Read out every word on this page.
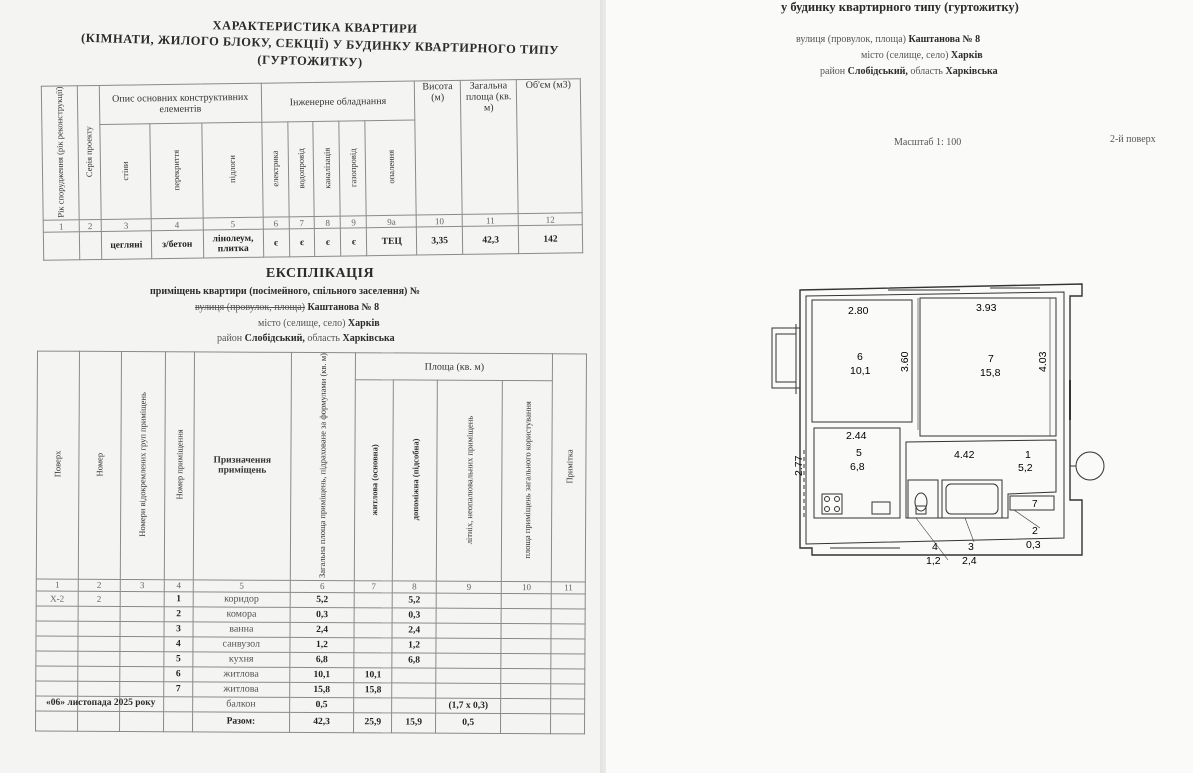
ХАРАКТЕРИСТИКА КВАРТИРИ
(КІМНАТИ, ЖИЛОГО БЛОКУ, СЕКЦІЇ) У БУДИНКУ КВАРТИРНОГО ТИПУ
(ГУРТОЖИТКУ)
Рік спорудження (рік реконструкції)	Серія проекту	Опис основних конструктивних елементів			Інженерне обладнання					Висота (м)	Загальна площа (кв. м)	Об'єм (м3)
		стіни	перекриття	підлоги	електрика	водопровід	каналізація	газопровід	опалення			
1	2	3	4	5	6	7	8	9	9а	10	11	12
		цегляні	з/бетон	лінолеум, плитка	є	є	є	є	ТЕЦ	3,35	42,3	142
ЕКСПЛІКАЦІЯ
приміщень квартири (посімейного, спільного заселення) №
вулиця (провулок, площа) Каштанова № 8
місто (селище, село) Харків
район Слобідський, область Харківська
Поверх	Номер	Номери відокремлених груп приміщень	Номер приміщення	Призначення приміщень	Загальна площа приміщень, підраховане за формулами (кв. м)	Площа (кв. м)				Примітка
						житлова (основна)	допоміжна (підсобна)	літніх, неопалювальних приміщень	площа приміщень загального користування	
1	2	3	4	5	6	7	8	9	10	11
Х-2	2		1	коридор	5,2		5,2			
			2	комора	0,3		0,3			
			3	ванна	2,4		2,4			
			4	санвузол	1,2		1,2			
			5	кухня	6,8		6,8			
			6	житлова	10,1	10,1				
			7	житлова	15,8	15,8				
				балкон	0,5			(1,7 х 0,3)		
				Разом:	42,3	25,9	15,9	0,5		
«06» листопада 2025 року
у будинку квартирного типу (гуртожитку)
вулиця (провулок, площа) Каштанова № 8
місто (селище, село) Харків
район Слобідський, область Харківська
Масштаб 1: 100	2-й поверх
2.80	3.93
3.60	4.03
6
10,1
7
15,8
2.44
2.77
5
6,8
4.42	1
5,2
7
2
0,3
3
2,4
4
1,2
